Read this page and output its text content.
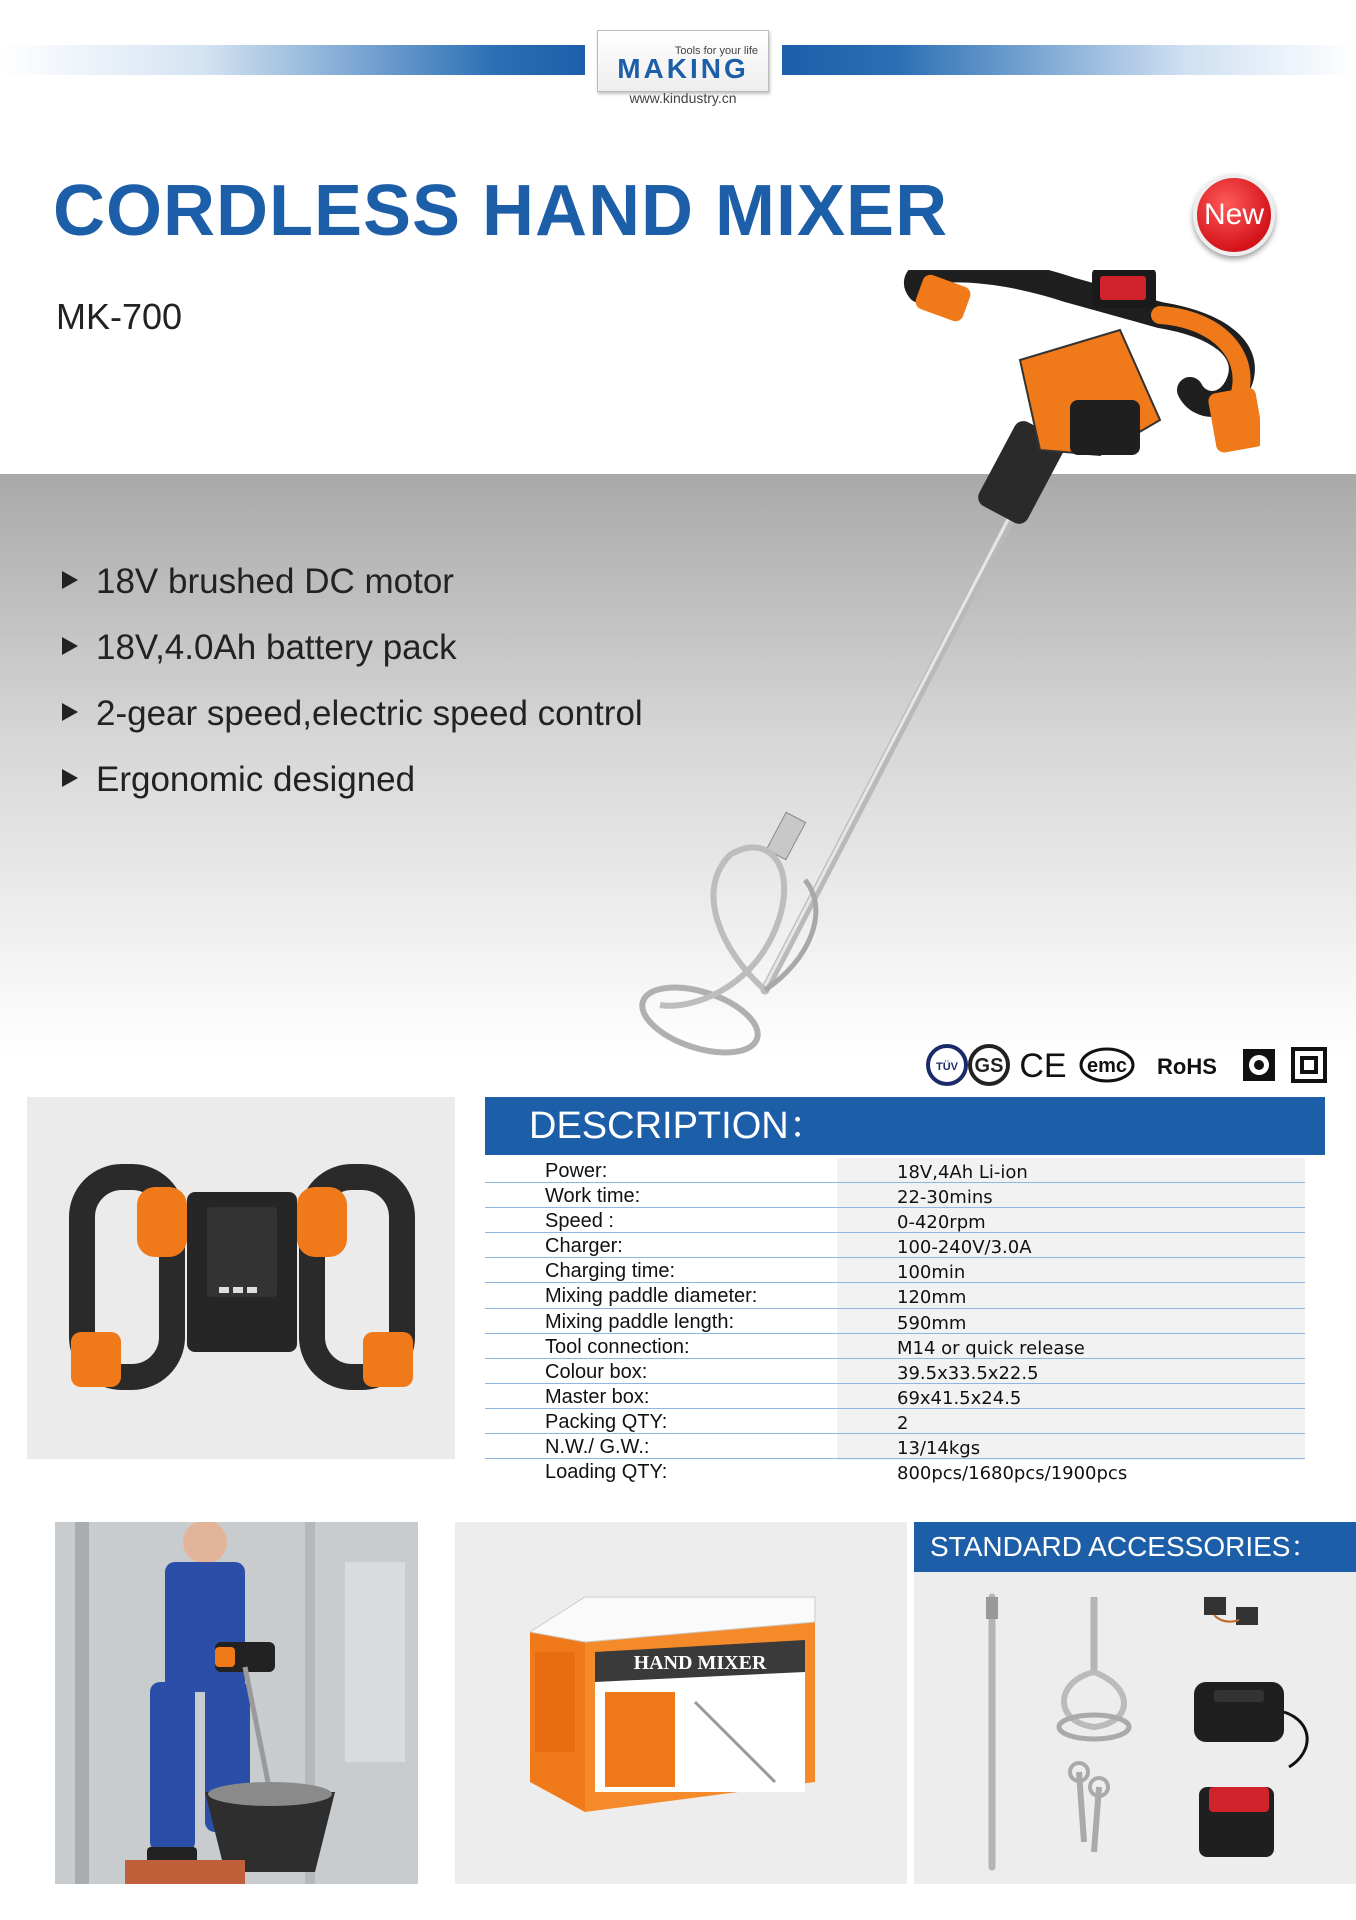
Tools for your life
MAKING
www.kindustry.cn
CORDLESS HAND MIXER
MK-700
New
18V brushed DC motor
18V,4.0Ah battery pack
2-gear speed,electric speed control
Ergonomic designed
TÜV GS CE emc RoHS
DESCRIPTION：
Power:	18V,4Ah Li-ion
Work time:	22-30mins
Speed :	0-420rpm
Charger:	100-240V/3.0A
Charging time:	100min
Mixing paddle diameter:	120mm
Mixing paddle length:	590mm
Tool connection:	M14 or quick release
Colour box:	39.5x33.5x22.5
Master box:	69x41.5x24.5
Packing QTY:	2
N.W./ G.W.:	13/14kgs
Loading QTY:	800pcs/1680pcs/1900pcs
HAND MIXER
STANDARD ACCESSORIES：
